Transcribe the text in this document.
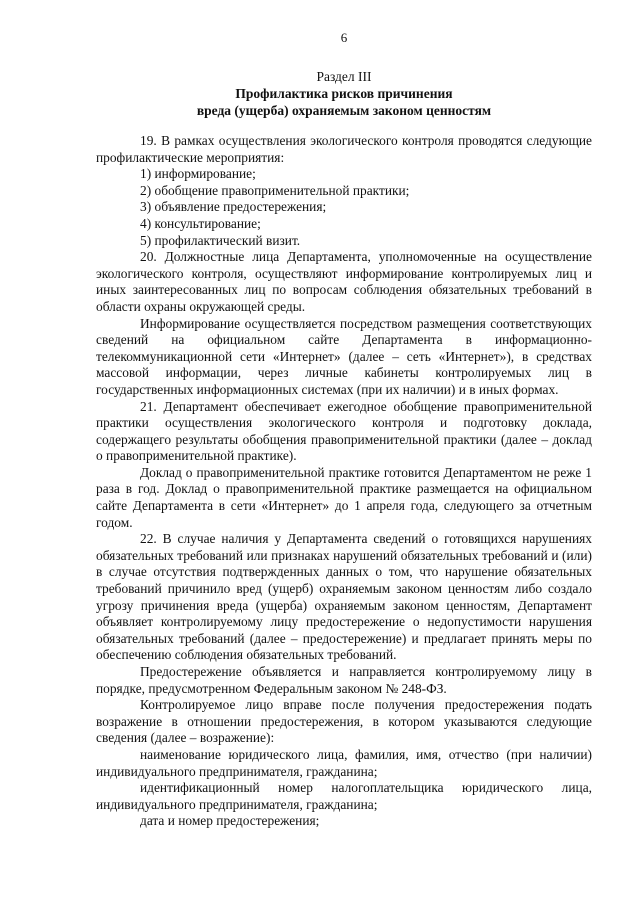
6
Раздел III
Профилактика рисков причинения
вреда (ущерба) охраняемым законом ценностям

19. В рамках осуществления экологического контроля проводятся следующие профилактические мероприятия:

1) информирование;

2) обобщение правоприменительной практики;

3) объявление предостережения;

4) консультирование;

5) профилактический визит.

20. Должностные лица Департамента, уполномоченные на осуществление экологического контроля, осуществляют информирование контролируемых лиц и иных заинтересованных лиц по вопросам соблюдения обязательных требований в области охраны окружающей среды.

Информирование осуществляется посредством размещения соответствующих сведений на официальном сайте Департамента в информационно-телекоммуникационной сети «Интернет» (далее – сеть «Интернет»), в средствах массовой информации, через личные кабинеты контролируемых лиц в государственных информационных системах (при их наличии) и в иных формах.

21. Департамент обеспечивает ежегодное обобщение правоприменительной практики осуществления экологического контроля и подготовку доклада, содержащего результаты обобщения правоприменительной практики (далее – доклад о правоприменительной практике).

Доклад о правоприменительной практике готовится Департаментом не реже 1 раза в год. Доклад о правоприменительной практике размещается на официальном сайте Департамента в сети «Интернет» до 1 апреля года, следующего за отчетным годом.

22. В случае наличия у Департамента сведений о готовящихся нарушениях обязательных требований или признаках нарушений обязательных требований и (или) в случае отсутствия подтвержденных данных о том, что нарушение обязательных требований причинило вред (ущерб) охраняемым законом ценностям либо создало угрозу причинения вреда (ущерба) охраняемым законом ценностям, Департамент объявляет контролируемому лицу предостережение о недопустимости нарушения обязательных требований (далее – предостережение) и предлагает принять меры по обеспечению соблюдения обязательных требований.

Предостережение объявляется и направляется контролируемому лицу в порядке, предусмотренном Федеральным законом № 248-ФЗ.

Контролируемое лицо вправе после получения предостережения подать возражение в отношении предостережения, в котором указываются следующие сведения (далее – возражение):

наименование юридического лица, фамилия, имя, отчество (при наличии) индивидуального предпринимателя, гражданина;

идентификационный номер налогоплательщика юридического лица, индивидуального предпринимателя, гражданина;

дата и номер предостережения;
